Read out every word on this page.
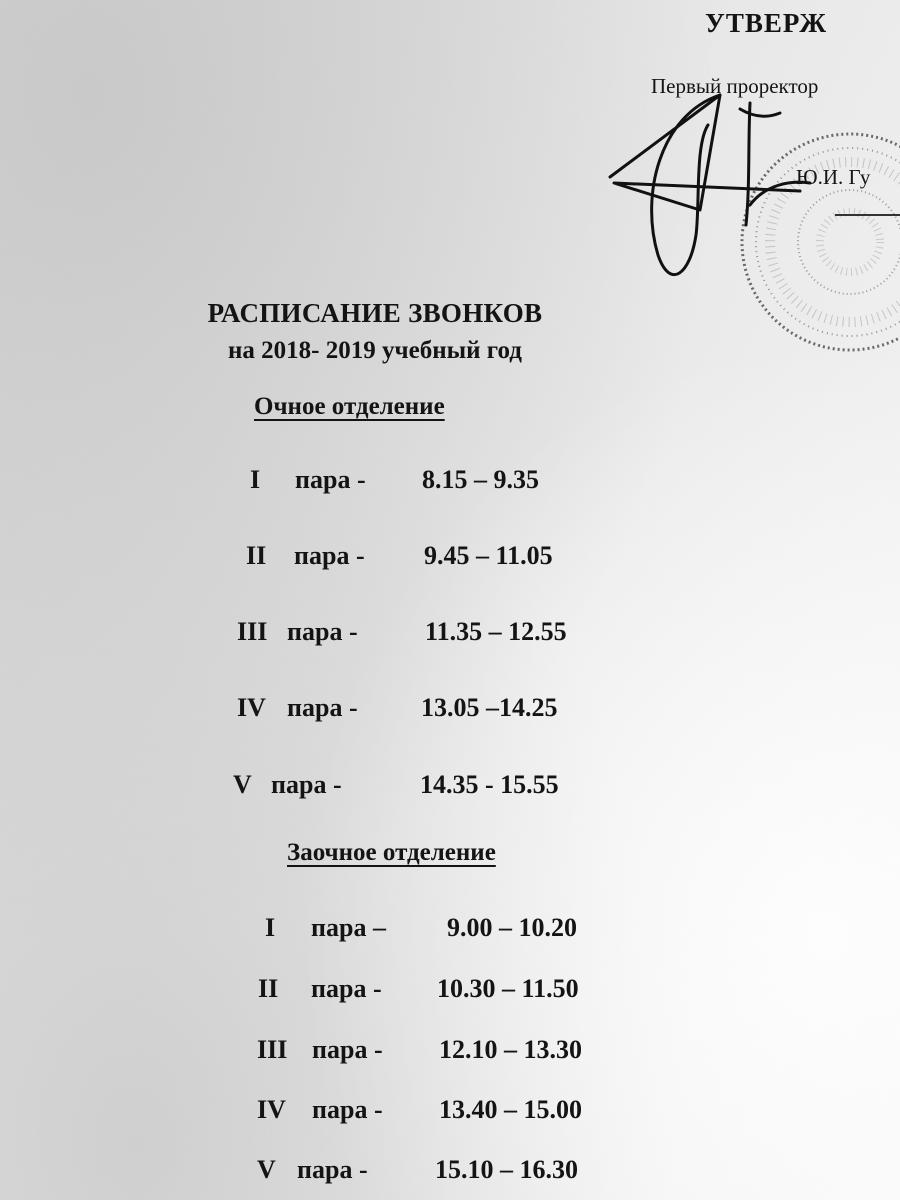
УТВЕРЖ
Первый проректор
Ю.И. Гу
РАСПИСАНИЕ ЗВОНКОВ
на 2018- 2019 учебный год
Очное отделение
I пара - 8.15 – 9.35
II пара - 9.45 – 11.05
III пара -	11.35 – 12.55
IV пара - 13.05 –14.25
V пара -	14.35 - 15.55
Заочное отделение
I пара – 9.00 – 10.20
II пара - 10.30 – 11.50
III пара - 12.10 – 13.30
IV пара - 13.40 – 15.00
V пара -	15.10 – 16.30
